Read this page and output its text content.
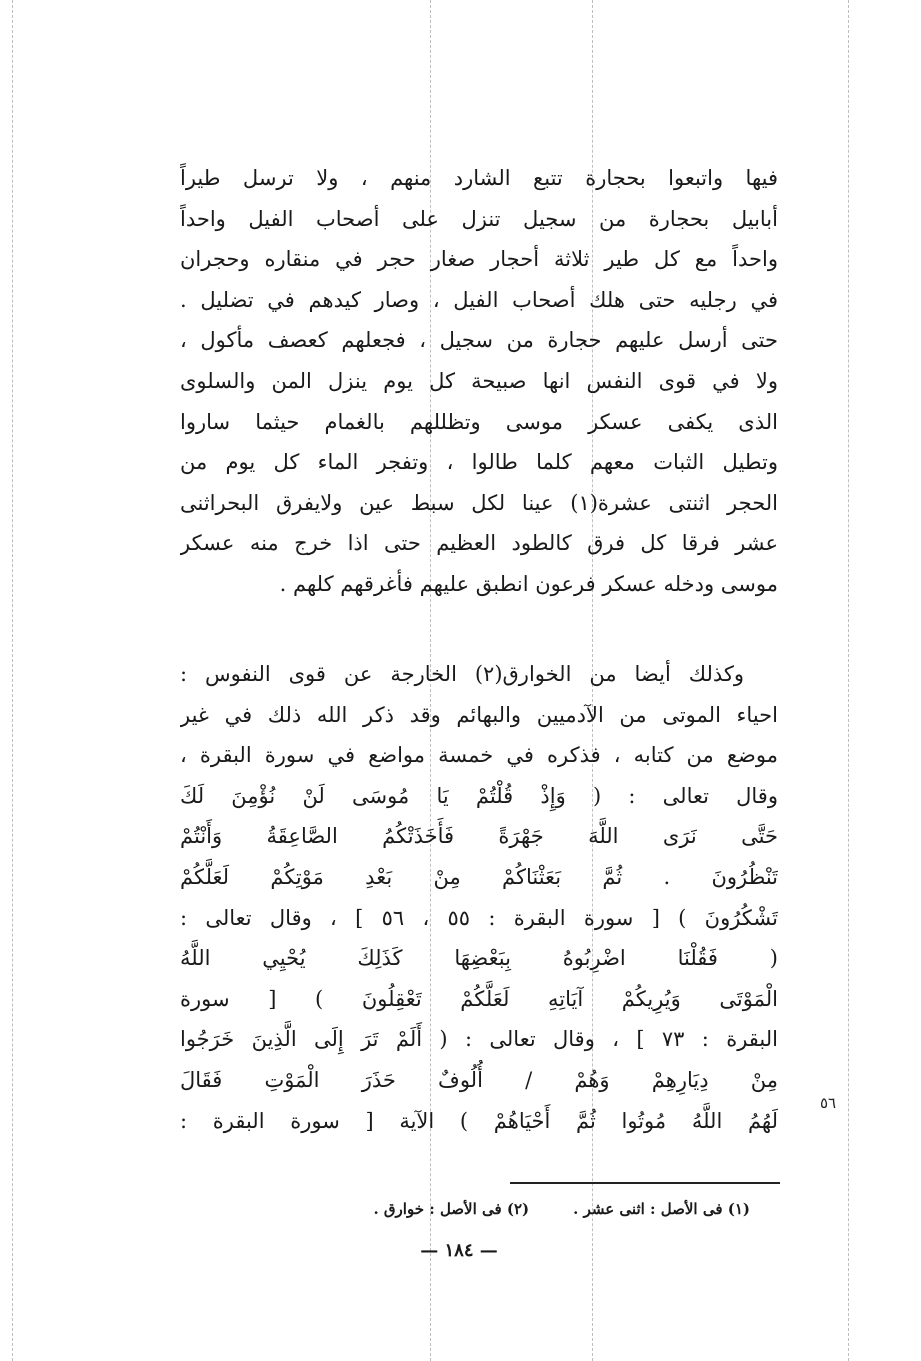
فيها واتبعوا بحجارة تتبع الشارد منهم ، ولا ترسل طيراً
أبابيل بحجارة من سجيل تنزل على أصحاب الفيل واحداً
واحداً مع كل طير ثلاثة أحجار صغار حجر في منقاره وحجران
في رجليه حتى هلك أصحاب الفيل ، وصار كيدهم في تضليل .
حتى أرسل عليهم حجارة من سجيل ، فجعلهم كعصف مأكول ،
ولا في قوى النفس انها صبيحة كل يوم ينزل المن والسلوى
الذى يكفى عسكر موسى وتظللهم بالغمام حيثما ساروا
وتطيل الثبات معهم كلما طالوا ، وتفجر الماء كل يوم من
الحجر اثنتى عشرة(١) عينا لكل سبط عين ولايفرق البحراثنى
عشر فرقا كل فرق كالطود العظيم حتى اذا خرج منه عسكر
موسى ودخله عسكر فرعون انطبق عليهم فأغرقهم كلهم .
وكذلك أيضا من الخوارق(٢) الخارجة عن قوى النفوس :
احياء الموتى من الآدميين والبهائم وقد ذكر الله ذلك في غير
موضع من كتابه ، فذكره في خمسة مواضع في سورة البقرة ،
وقال تعالى : ( وَإِذْ قُلْتُمْ يَا مُوسَى لَنْ نُؤْمِنَ لَكَ
حَتَّى نَرَى اللَّهَ جَهْرَةً فَأَخَذَتْكُمُ الصَّاعِقَةُ وَأَنْتُمْ
تَنْظُرُونَ . ثُمَّ بَعَثْنَاكُمْ مِنْ بَعْدِ مَوْتِكُمْ لَعَلَّكُمْ
تَشْكُرُونَ ) [ سورة البقرة : ٥٥ ، ٥٦ ] ، وقال تعالى :
( فَقُلْنَا اضْرِبُوهُ بِبَعْضِهَا كَذَلِكَ يُحْيِي اللَّهُ
الْمَوْتَى وَيُرِيكُمْ آيَاتِهِ لَعَلَّكُمْ تَعْقِلُونَ ) [ سورة
البقرة : ٧٣ ] ، وقال تعالى : ( أَلَمْ تَرَ إِلَى الَّذِينَ خَرَجُوا
مِنْ دِيَارِهِمْ وَهُمْ / أُلُوفٌ حَذَرَ الْمَوْتِ فَقَالَ
لَهُمُ اللَّهُ مُوتُوا ثُمَّ أَحْيَاهُمْ ) الآية [ سورة البقرة :
٥٦
(١) فى الأصل : اثنى عشر .
(٢) فى الأصل : خوارق .
— ١٨٤ —
